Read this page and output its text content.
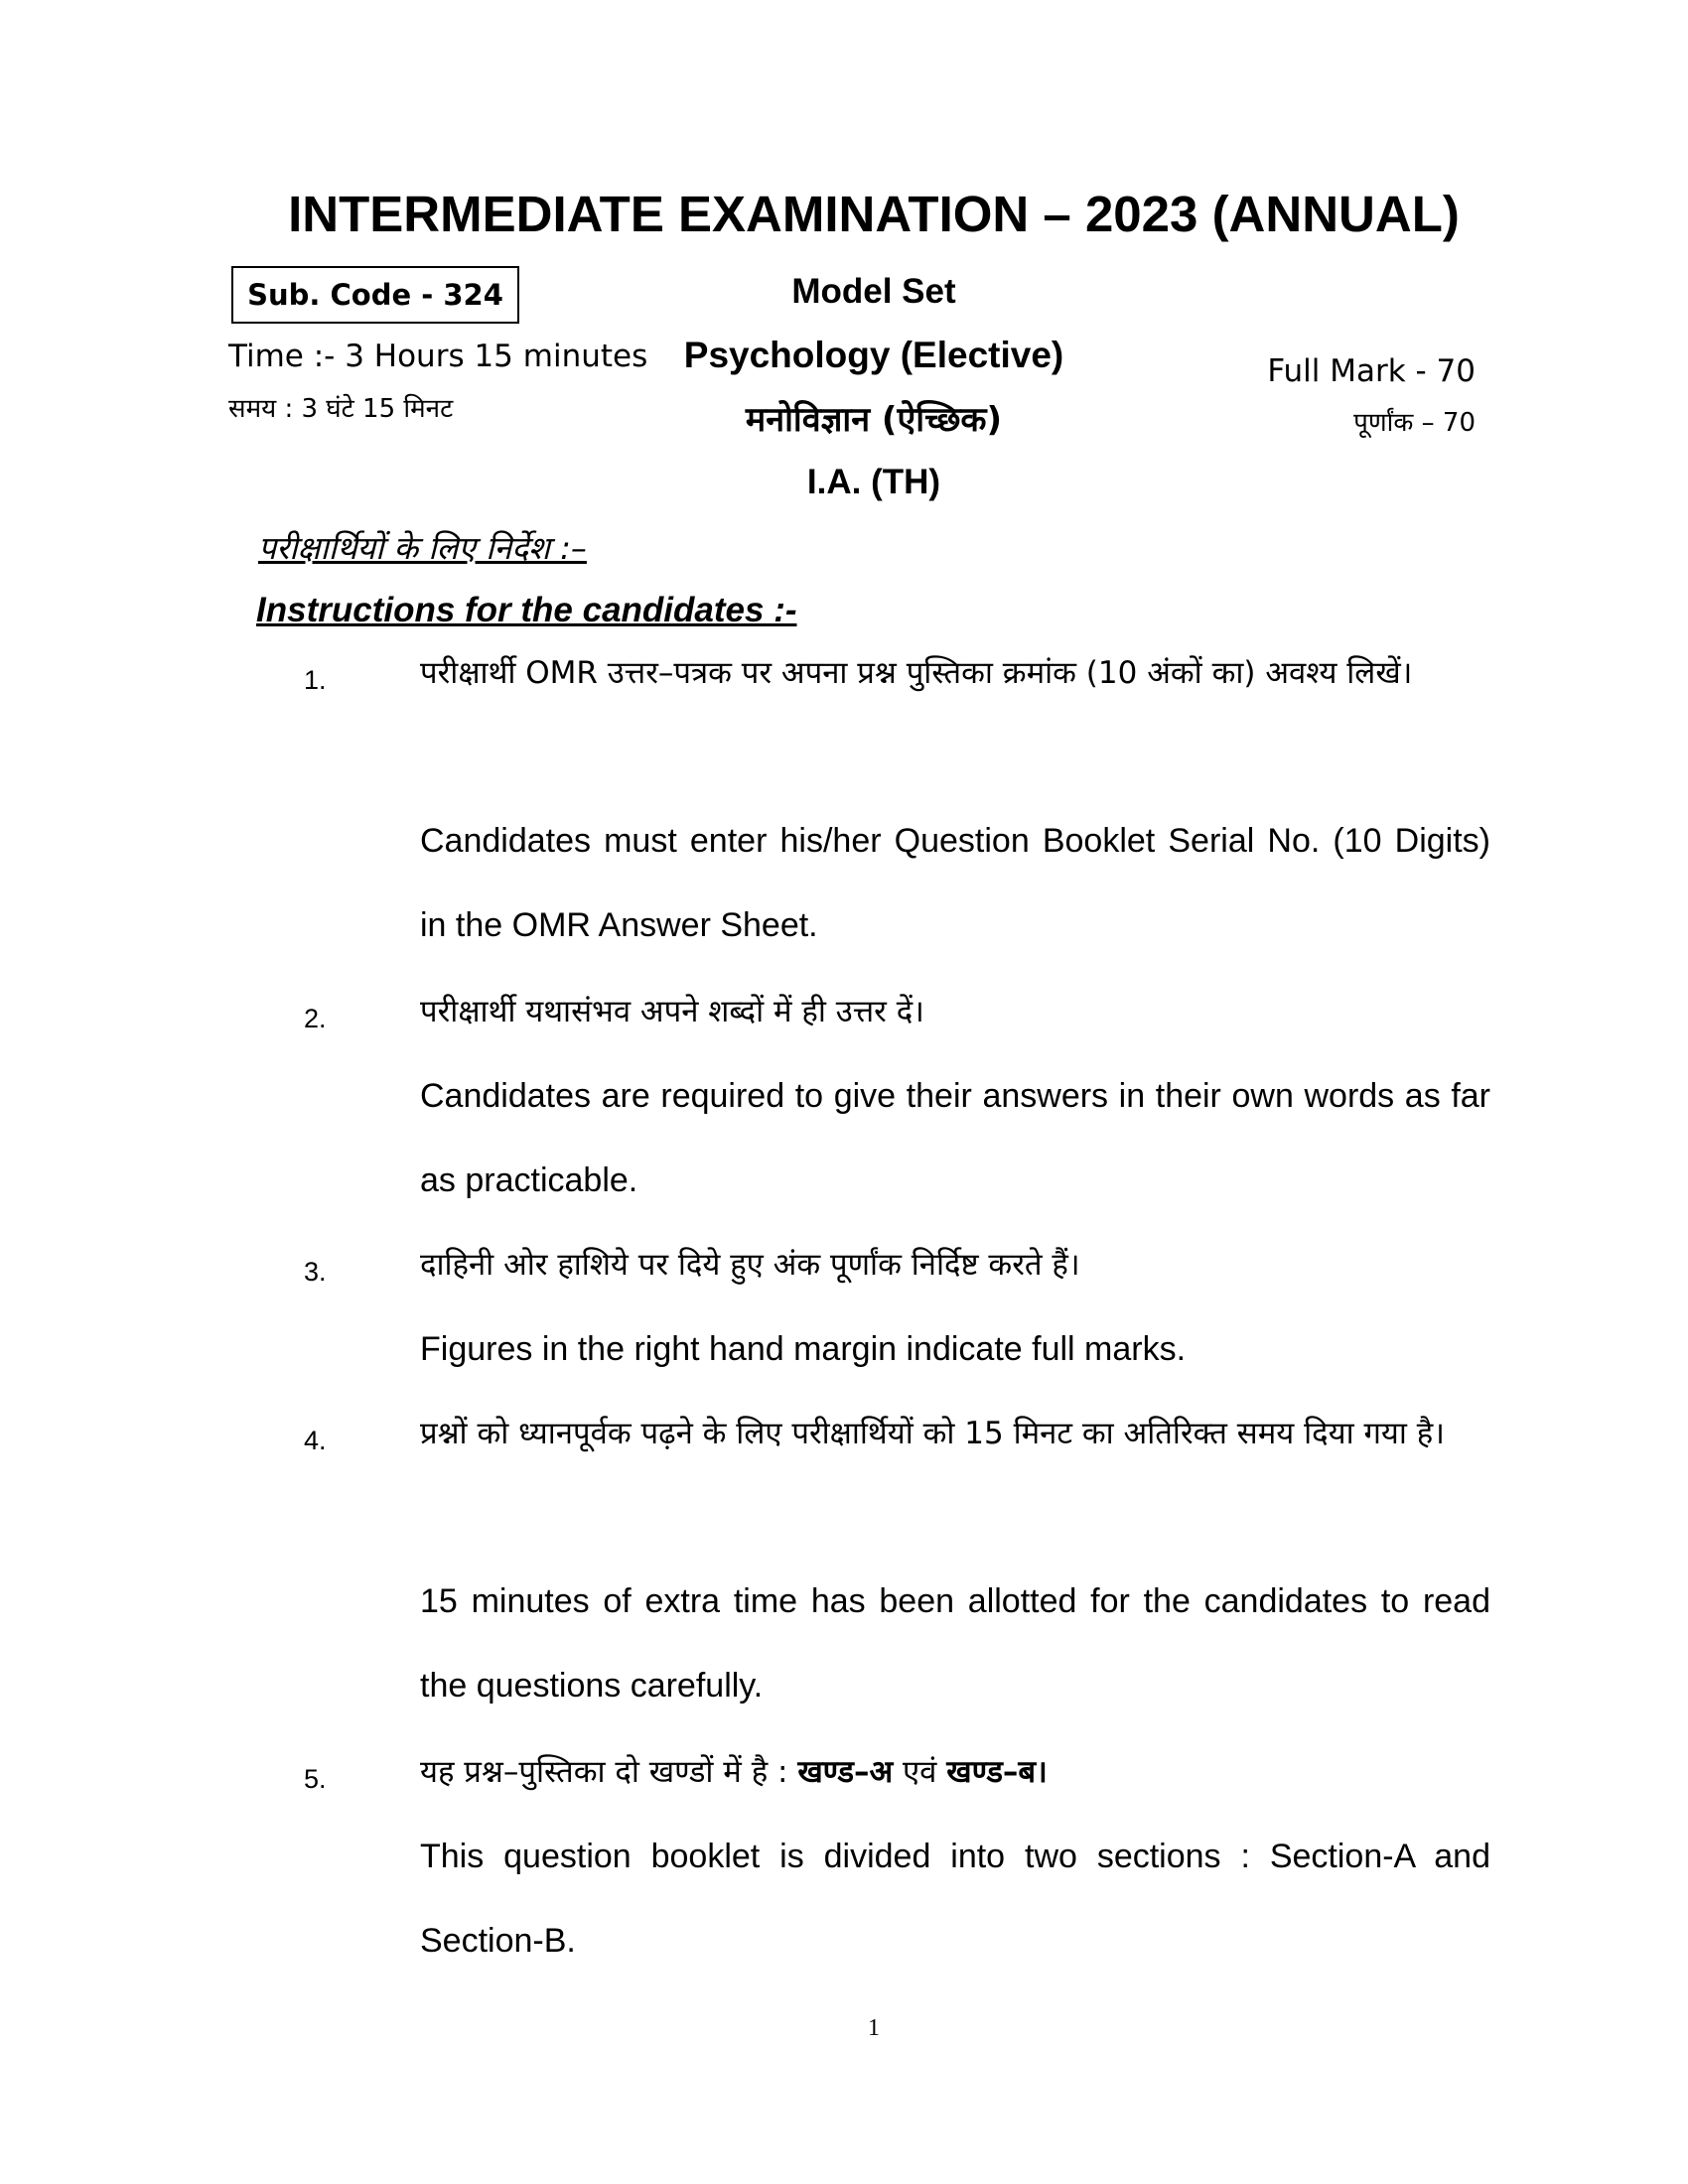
INTERMEDIATE EXAMINATION – 2023 (ANNUAL)
Sub. Code - 324	Model Set
Psychology (Elective)
मनोविज्ञान (ऐच्छिक)
I.A. (TH)
Time :- 3 Hours 15 minutes
समय : 3 घंटे 15 मिनट
Full Mark - 70
पूर्णांक – 70
परीक्षार्थियों के लिए निर्देश :–
Instructions for the candidates :-
1.	परीक्षार्थी OMR उत्तर–पत्रक पर अपना प्रश्न पुस्तिका क्रमांक (10 अंकों का) अवश्य लिखें।
Candidates must enter his/her Question Booklet Serial No. (10 Digits) in the OMR Answer Sheet.
2.	परीक्षार्थी यथासंभव अपने शब्दों में ही उत्तर दें।
Candidates are required to give their answers in their own words as far as practicable.
3.	दाहिनी ओर हाशिये पर दिये हुए अंक पूर्णांक निर्दिष्ट करते हैं।
Figures in the right hand margin indicate full marks.
4.	प्रश्नों को ध्यानपूर्वक पढ़ने के लिए परीक्षार्थियों को 15 मिनट का अतिरिक्त समय दिया गया है।
15 minutes of extra time has been allotted for the candidates to read the questions carefully.
5.	यह प्रश्न–पुस्तिका दो खण्डों में है : खण्ड–अ एवं खण्ड–ब।
This question booklet is divided into two sections : Section-A and Section-B.
1
